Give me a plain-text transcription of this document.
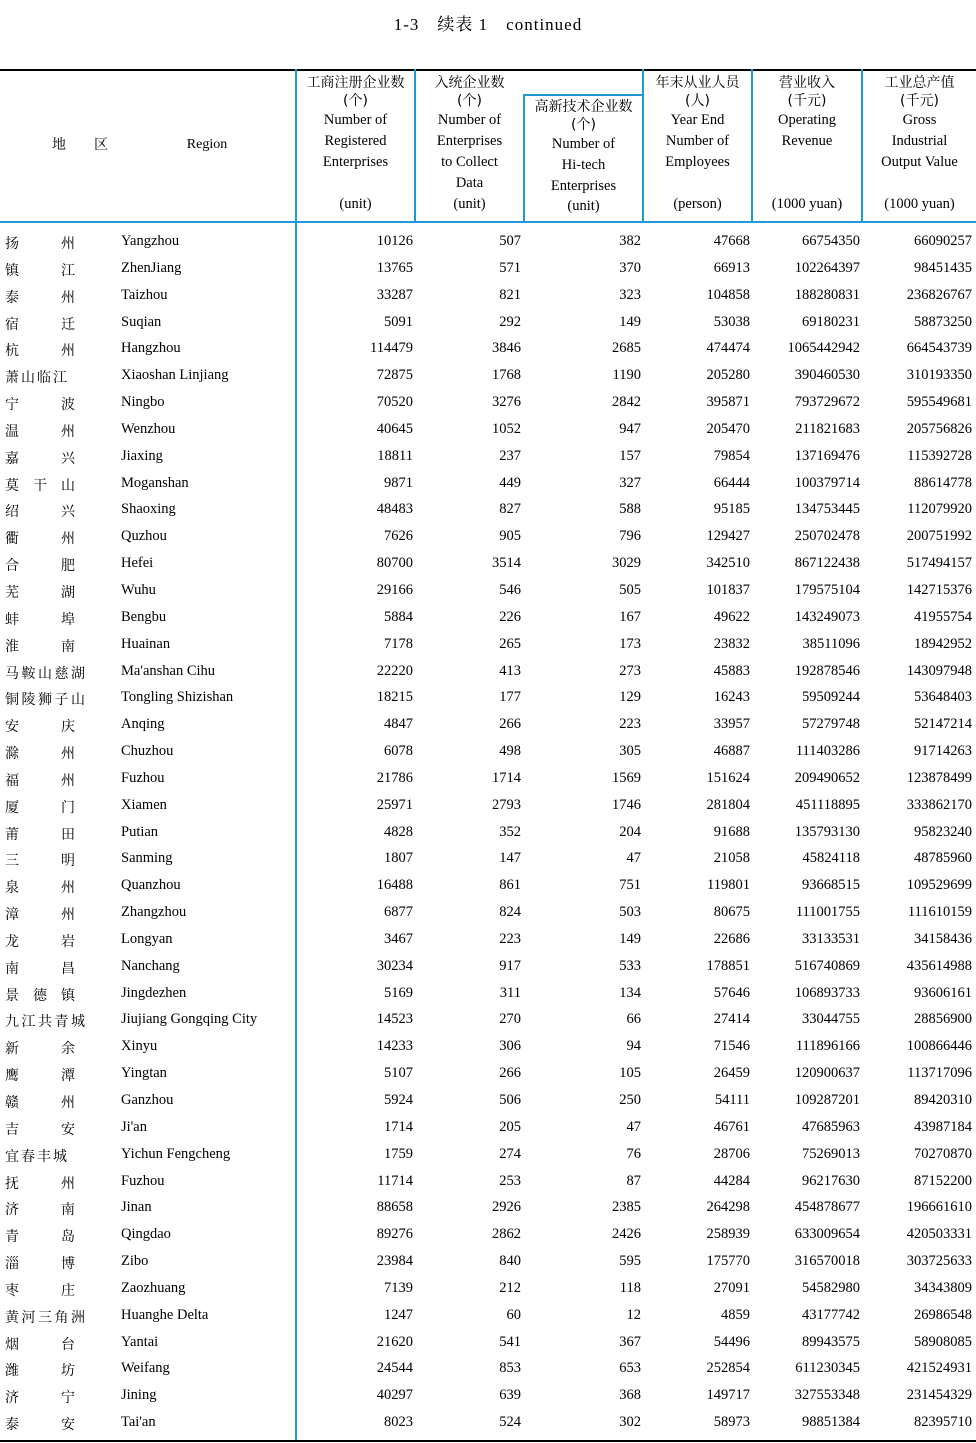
1-3　续表 1　continued
地　　区	Region
工商注册企业数
(个)
Number of
Registered
Enterprises
(unit)
入统企业数
(个)
Number of
Enterprises
to Collect
Data
(unit)
高新技术企业数
(个)
Number of
Hi-tech
Enterprises
(unit)
年末从业人员
(人)
Year End
Number of
Employees
(person)
营业收入
(千元)
Operating
Revenue
(1000 yuan)
工业总产值
(千元)
Gross
Industrial
Output Value
(1000 yuan)
扬州	Yangzhou	10126	507	382	47668	66754350	66090257
镇江	ZhenJiang	13765	571	370	66913	102264397	98451435
泰州	Taizhou	33287	821	323	104858	188280831	236826767
宿迁	Suqian	5091	292	149	53038	69180231	58873250
杭州	Hangzhou	114479	3846	2685	474474	1065442942	664543739
萧山临江	Xiaoshan Linjiang	72875	1768	1190	205280	390460530	310193350
宁波	Ningbo	70520	3276	2842	395871	793729672	595549681
温州	Wenzhou	40645	1052	947	205470	211821683	205756826
嘉兴	Jiaxing	18811	237	157	79854	137169476	115392728
莫干山	Moganshan	9871	449	327	66444	100379714	88614778
绍兴	Shaoxing	48483	827	588	95185	134753445	112079920
衢州	Quzhou	7626	905	796	129427	250702478	200751992
合肥	Hefei	80700	3514	3029	342510	867122438	517494157
芜湖	Wuhu	29166	546	505	101837	179575104	142715376
蚌埠	Bengbu	5884	226	167	49622	143249073	41955754
淮南	Huainan	7178	265	173	23832	38511096	18942952
马鞍山慈湖 Ma'anshan Cihu	22220	413	273	45883	192878546	143097948
铜陵狮子山 Tongling Shizishan	18215	177	129	16243	59509244	53648403
安庆	Anqing	4847	266	223	33957	57279748	52147214
滁州	Chuzhou	6078	498	305	46887	111403286	91714263
福州	Fuzhou	21786	1714	1569	151624	209490652	123878499
厦门	Xiamen	25971	2793	1746	281804	451118895	333862170
莆田	Putian	4828	352	204	91688	135793130	95823240
三明	Sanming	1807	147	47	21058	45824118	48785960
泉州	Quanzhou	16488	861	751	119801	93668515	109529699
漳州	Zhangzhou	6877	824	503	80675	111001755	111610159
龙岩	Longyan	3467	223	149	22686	33133531	34158436
南昌	Nanchang	30234	917	533	178851	516740869	435614988
景德镇	Jingdezhen	5169	311	134	57646	106893733	93606161
九江共青城 Jiujiang Gongqing City	14523	270	66	27414	33044755	28856900
新余	Xinyu	14233	306	94	71546	111896166	100866446
鹰潭	Yingtan	5107	266	105	26459	120900637	113717096
赣州	Ganzhou	5924	506	250	54111	109287201	89420310
吉安	Ji'an	1714	205	47	46761	47685963	43987184
宜春丰城	Yichun Fengcheng	1759	274	76	28706	75269013	70270870
抚州	Fuzhou	11714	253	87	44284	96217630	87152200
济南	Jinan	88658	2926	2385	264298	454878677	196661610
青岛	Qingdao	89276	2862	2426	258939	633009654	420503331
淄博	Zibo	23984	840	595	175770	316570018	303725633
枣庄	Zaozhuang	7139	212	118	27091	54582980	34343809
黄河三角洲 Huanghe Delta	1247	60	12	4859	43177742	26986548
烟台	Yantai	21620	541	367	54496	89943575	58908085
潍坊	Weifang	24544	853	653	252854	611230345	421524931
济宁	Jining	40297	639	368	149717	327553348	231454329
泰安	Tai'an	8023	524	302	58973	98851384	82395710
